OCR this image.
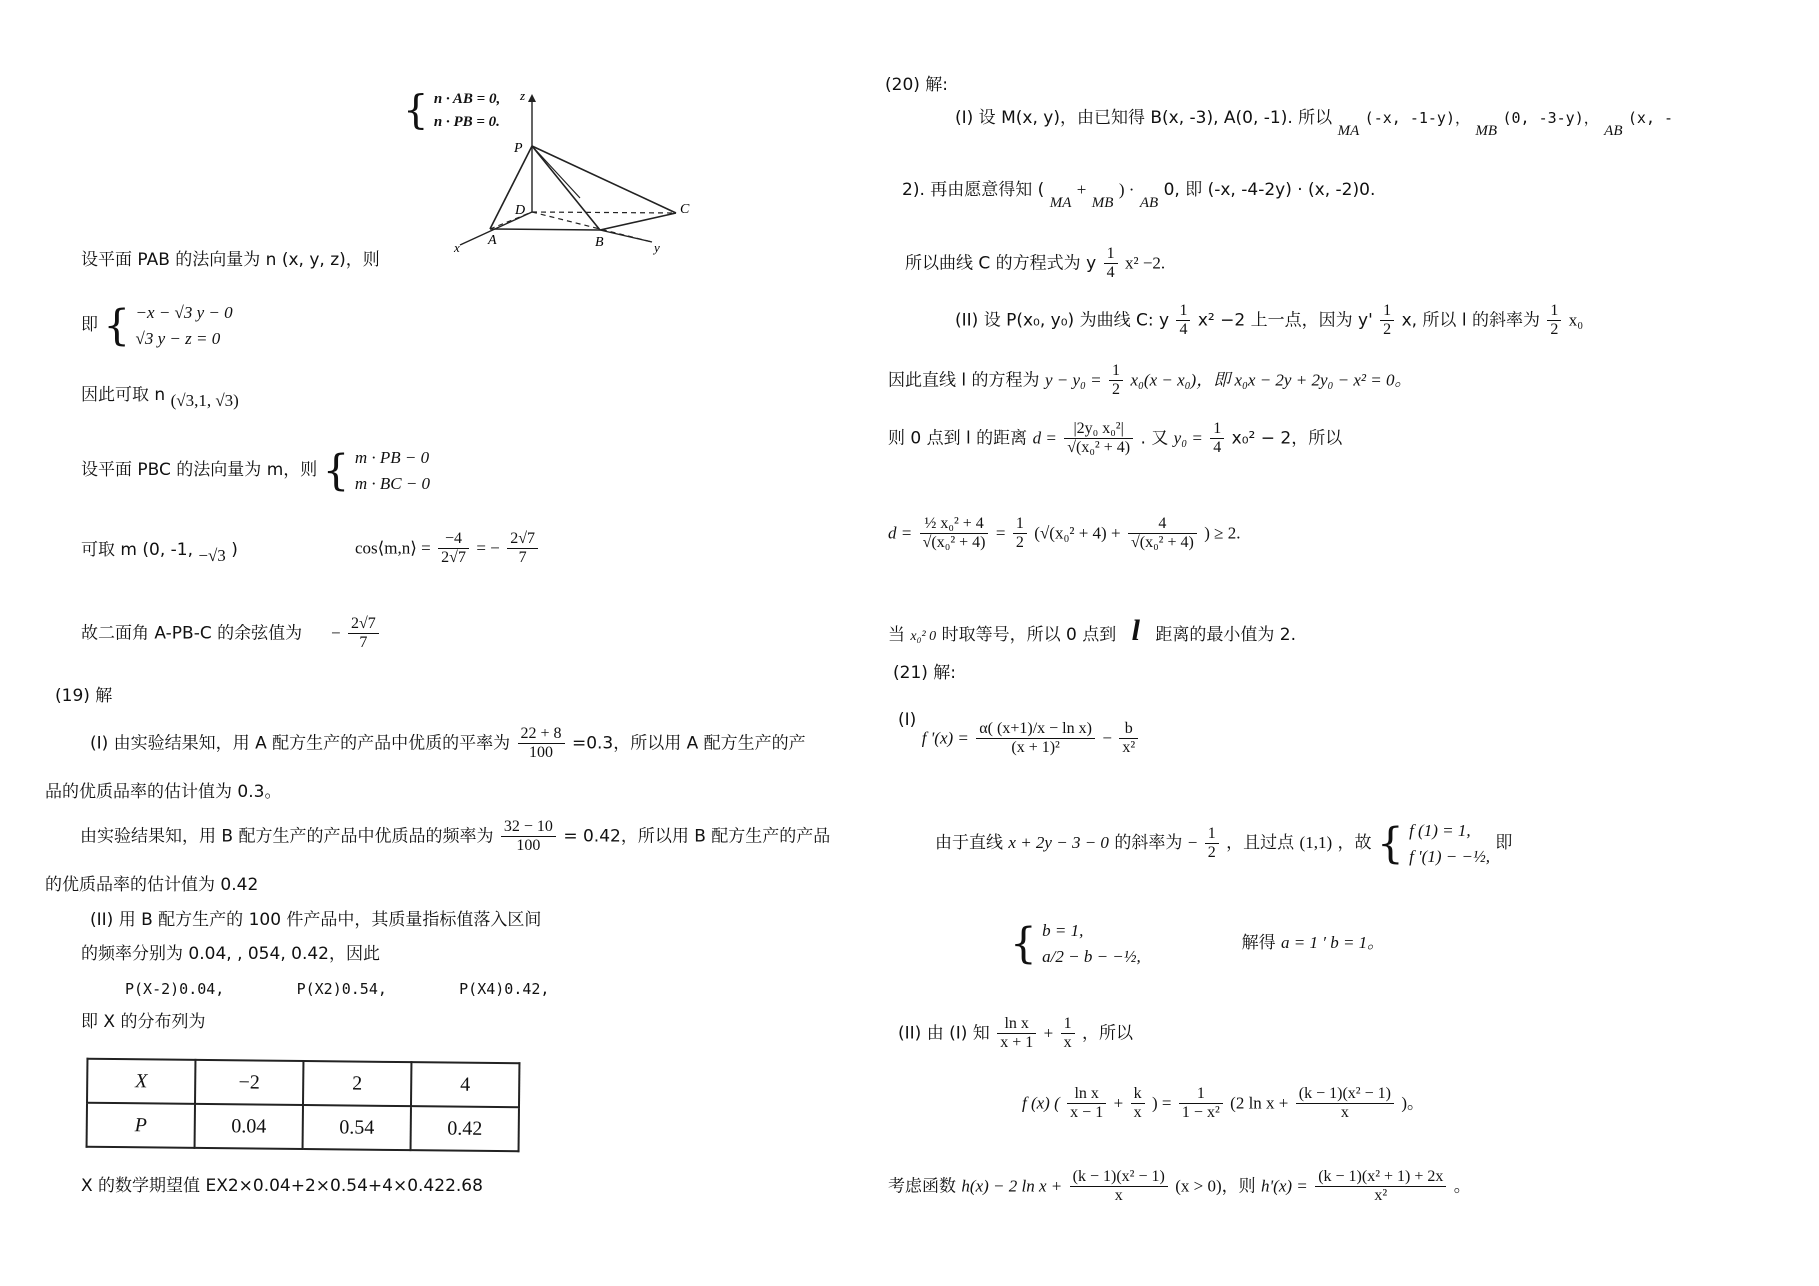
{ n · AB = 0,
n · PB = 0.
z
P
D
A	B
C
x	y
设平面 PAB 的法向量为 n (x, y, z)，则
即 { −x − √3 y − 0
√3 y − z = 0
因此可取 n (√3,1, √3)
设平面 PBC 的法向量为 m，则 { m · PB − 0
m · BC − 0
可取 m (0, -1, −√3 )	cos⟨m,n⟩ = $\frac{-4}{2√7}$ = − $\frac{2√7}{7}$
故二面角 A-PB-C 的余弦值为 − $\frac{2√7}{7}$
(19) 解
(I) 由实验结果知，用 A 配方生产的产品中优质的平率为 $\frac{22 + 8}{100} =0.3$，所以用 A 配方生产的产
品的优质品率的估计值为 0.3。
由实验结果知，用 B 配方生产的产品中优质品的频率为 $\frac{32 - 10}{100} = 0.42$，所以用 B 配方生产的产品
的优质品率的估计值为 0.42
(II) 用 B 配方生产的 100 件产品中，其质量指标值落入区间
的频率分别为 0.04, , 054, 0.42，因此
P(X-2)0.04,        P(X2)0.54,        P(X4)0.42,
即 X 的分布列为
X	−2	2	4
P	0.04	0.54	0.42
X 的数学期望值 EX2×0.04+2×0.54+4×0.422.68
(20) 解:
(I) 设 M(x, y)，由已知得 B(x, -3), A(0, -1). 所以 MA (-x, -1-y)， MB (0, -3-y)， AB (x, -
2). 再由愿意得知 ( MA + MB ) · AB 0, 即 (-x, -4-2y) · (x, -2)0.
所以曲线 C 的方程式为 y $\frac{1}{4} x^2 -2$.
(II) 设 P(x₀, y₀) 为曲线 C: y $\frac{1}{4} x^2 -2$ 上一点，因为 $y' \frac{1}{2} x$, 所以 l 的斜率为 $\frac{1}{2} x_0$
因此直线 l 的方程为 $y - y_0 = \frac{1}{2} x_0(x - x_0)$，即 x₀x − 2y + 2y₀ − x² = 0。
则 0 点到 l 的距离 $d = \frac{\text{|2y₀ x₀²|}}{\text{√(x₀² + 4)}}$ . 又 $y_0 = \frac{1}{4} x_0^2 - 2$，所以
$d = \frac{\text{½ x₀² + 4}}{\text{√(x₀² + 4)}} = \frac{1}{2} (√(x_0^2 + 4) + \frac{4}{\text{√(x₀² + 4)}}$ ) ≥ 2.
当 x₀² 0 时取等号，所以 0 点到 l 距离的最小值为 2.
(21) 解:
(I) f '$(x) = \frac{\text{α( (x+1)/x − ln x)}}{\text{(x + 1)²}} - \frac{b}{\text{x²}}$
由于直线 x + 2y − 3 − 0 的斜率为 − $\frac{1}{2}$ ，且过点 (1,1) ，故 { f (1) = 1,
f '(1) − −½,
即
{ b = 1,
a/2 − b − −½,
解得 a = 1 ′ b = 1。
(II) 由 (I) 知 $\frac{\text{ln x}}{x + 1} + \frac{1}{x}$ ，所以
f (x) ( $\frac{\text{ln x}}{x - 1} + \frac{k}{x}$ ) = $\frac{1}{\text{1 − x²}} (2$ $\ln x + \frac{\text{(k − 1)(x² − 1)}}{x}$ )。
考虑函数 h(x) − 2 $\ln x + \frac{\text{(k − 1)(x² − 1)}}{x} (x > 0)$，则 $h'(x) = \frac{\text{(k − 1)(x² + 1) + 2x}}{\text{x²}}$ 。
